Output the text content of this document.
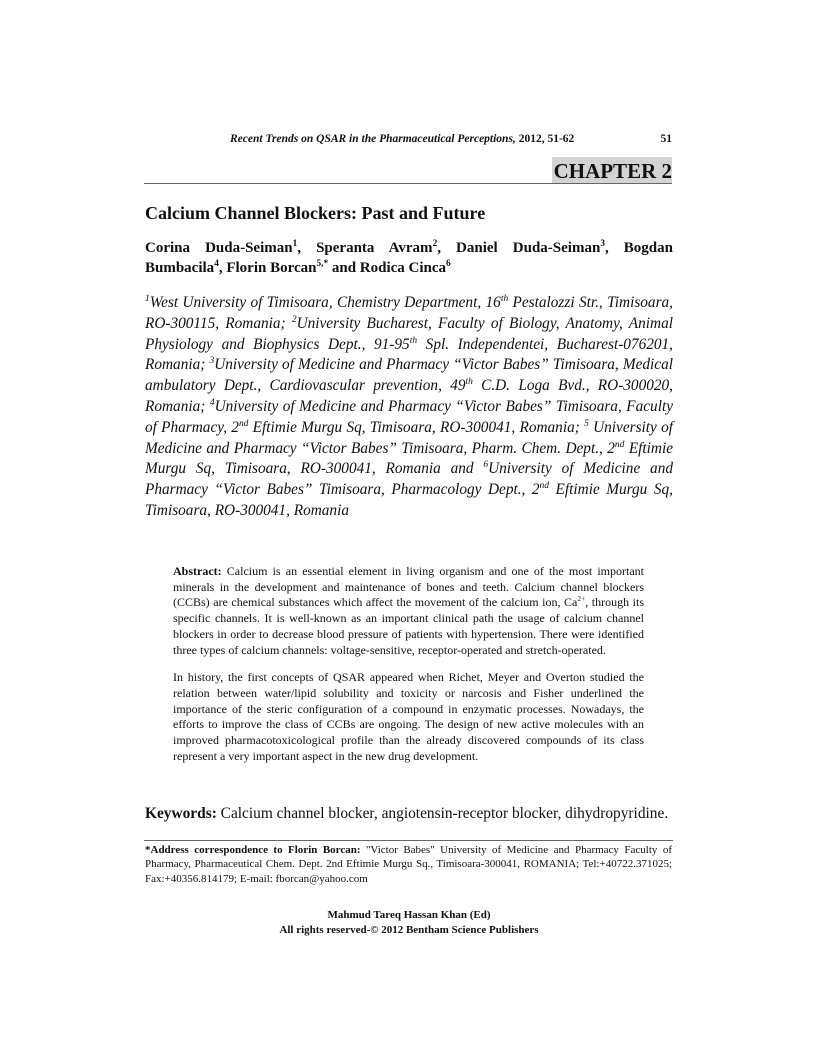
Recent Trends on QSAR in the Pharmaceutical Perceptions, 2012, 51-62	51
CHAPTER 2
Calcium Channel Blockers: Past and Future
Corina Duda-Seiman$^1$, Speranta Avram$^2$, Daniel Duda-Seiman$^3$, Bogdan Bumbacila$^4$, Florin Borcan$^{5,*}$ and Rodica Cinca$^6$
$^1$West University of Timisoara, Chemistry Department, 16th Pestalozzi Str., Timisoara, RO-300115, Romania; $^2$University Bucharest, Faculty of Biology, Anatomy, Animal Physiology and Biophysics Dept., 91-95th Spl. Independentei, Bucharest-076201, Romania; $^3$University of Medicine and Pharmacy “Victor Babes” Timisoara, Medical ambulatory Dept., Cardiovascular prevention, 49th C.D. Loga Bvd., RO-300020, Romania; $^4$University of Medicine and Pharmacy “Victor Babes” Timisoara, Faculty of Pharmacy, 2nd Eftimie Murgu Sq, Timisoara, RO-300041, Romania; $^5$ University of Medicine and Pharmacy “Victor Babes” Timisoara, Pharm. Chem. Dept., 2nd Eftimie Murgu Sq, Timisoara, RO-300041, Romania and $^6$University of Medicine and Pharmacy “Victor Babes” Timisoara, Pharmacology Dept., 2nd Eftimie Murgu Sq, Timisoara, RO-300041, Romania

Abstract: Calcium is an essential element in living organism and one of the most important minerals in the development and maintenance of bones and teeth. Calcium channel blockers (CCBs) are chemical substances which affect the movement of the calcium ion, $Ca^{2+}$, through its specific channels. It is well-known as an important clinical path the usage of calcium channel blockers in order to decrease blood pressure of patients with hypertension. There were identified three types of calcium channels: voltage-sensitive, receptor-operated and stretch-operated.

In history, the first concepts of QSAR appeared when Richet, Meyer and Overton studied the relation between water/lipid solubility and toxicity or narcosis and Fisher underlined the importance of the steric configuration of a compound in enzymatic processes. Nowadays, the efforts to improve the class of CCBs are ongoing. The design of new active molecules with an improved pharmacotoxicological profile than the already discovered compounds of its class represent a very important aspect in the new drug development.

Keywords: Calcium channel blocker, angiotensin-receptor blocker, dihydropyridine.
*Address correspondence to Florin Borcan: "Victor Babes" University of Medicine and Pharmacy Faculty of Pharmacy, Pharmaceutical Chem. Dept. 2nd Eftimie Murgu Sq., Timisoara-300041, ROMANIA; Tel:+40722.371025; Fax:+40356.814179; E-mail: fborcan@yahoo.com
Mahmud Tareq Hassan Khan (Ed)
All rights reserved-© 2012 Bentham Science Publishers
